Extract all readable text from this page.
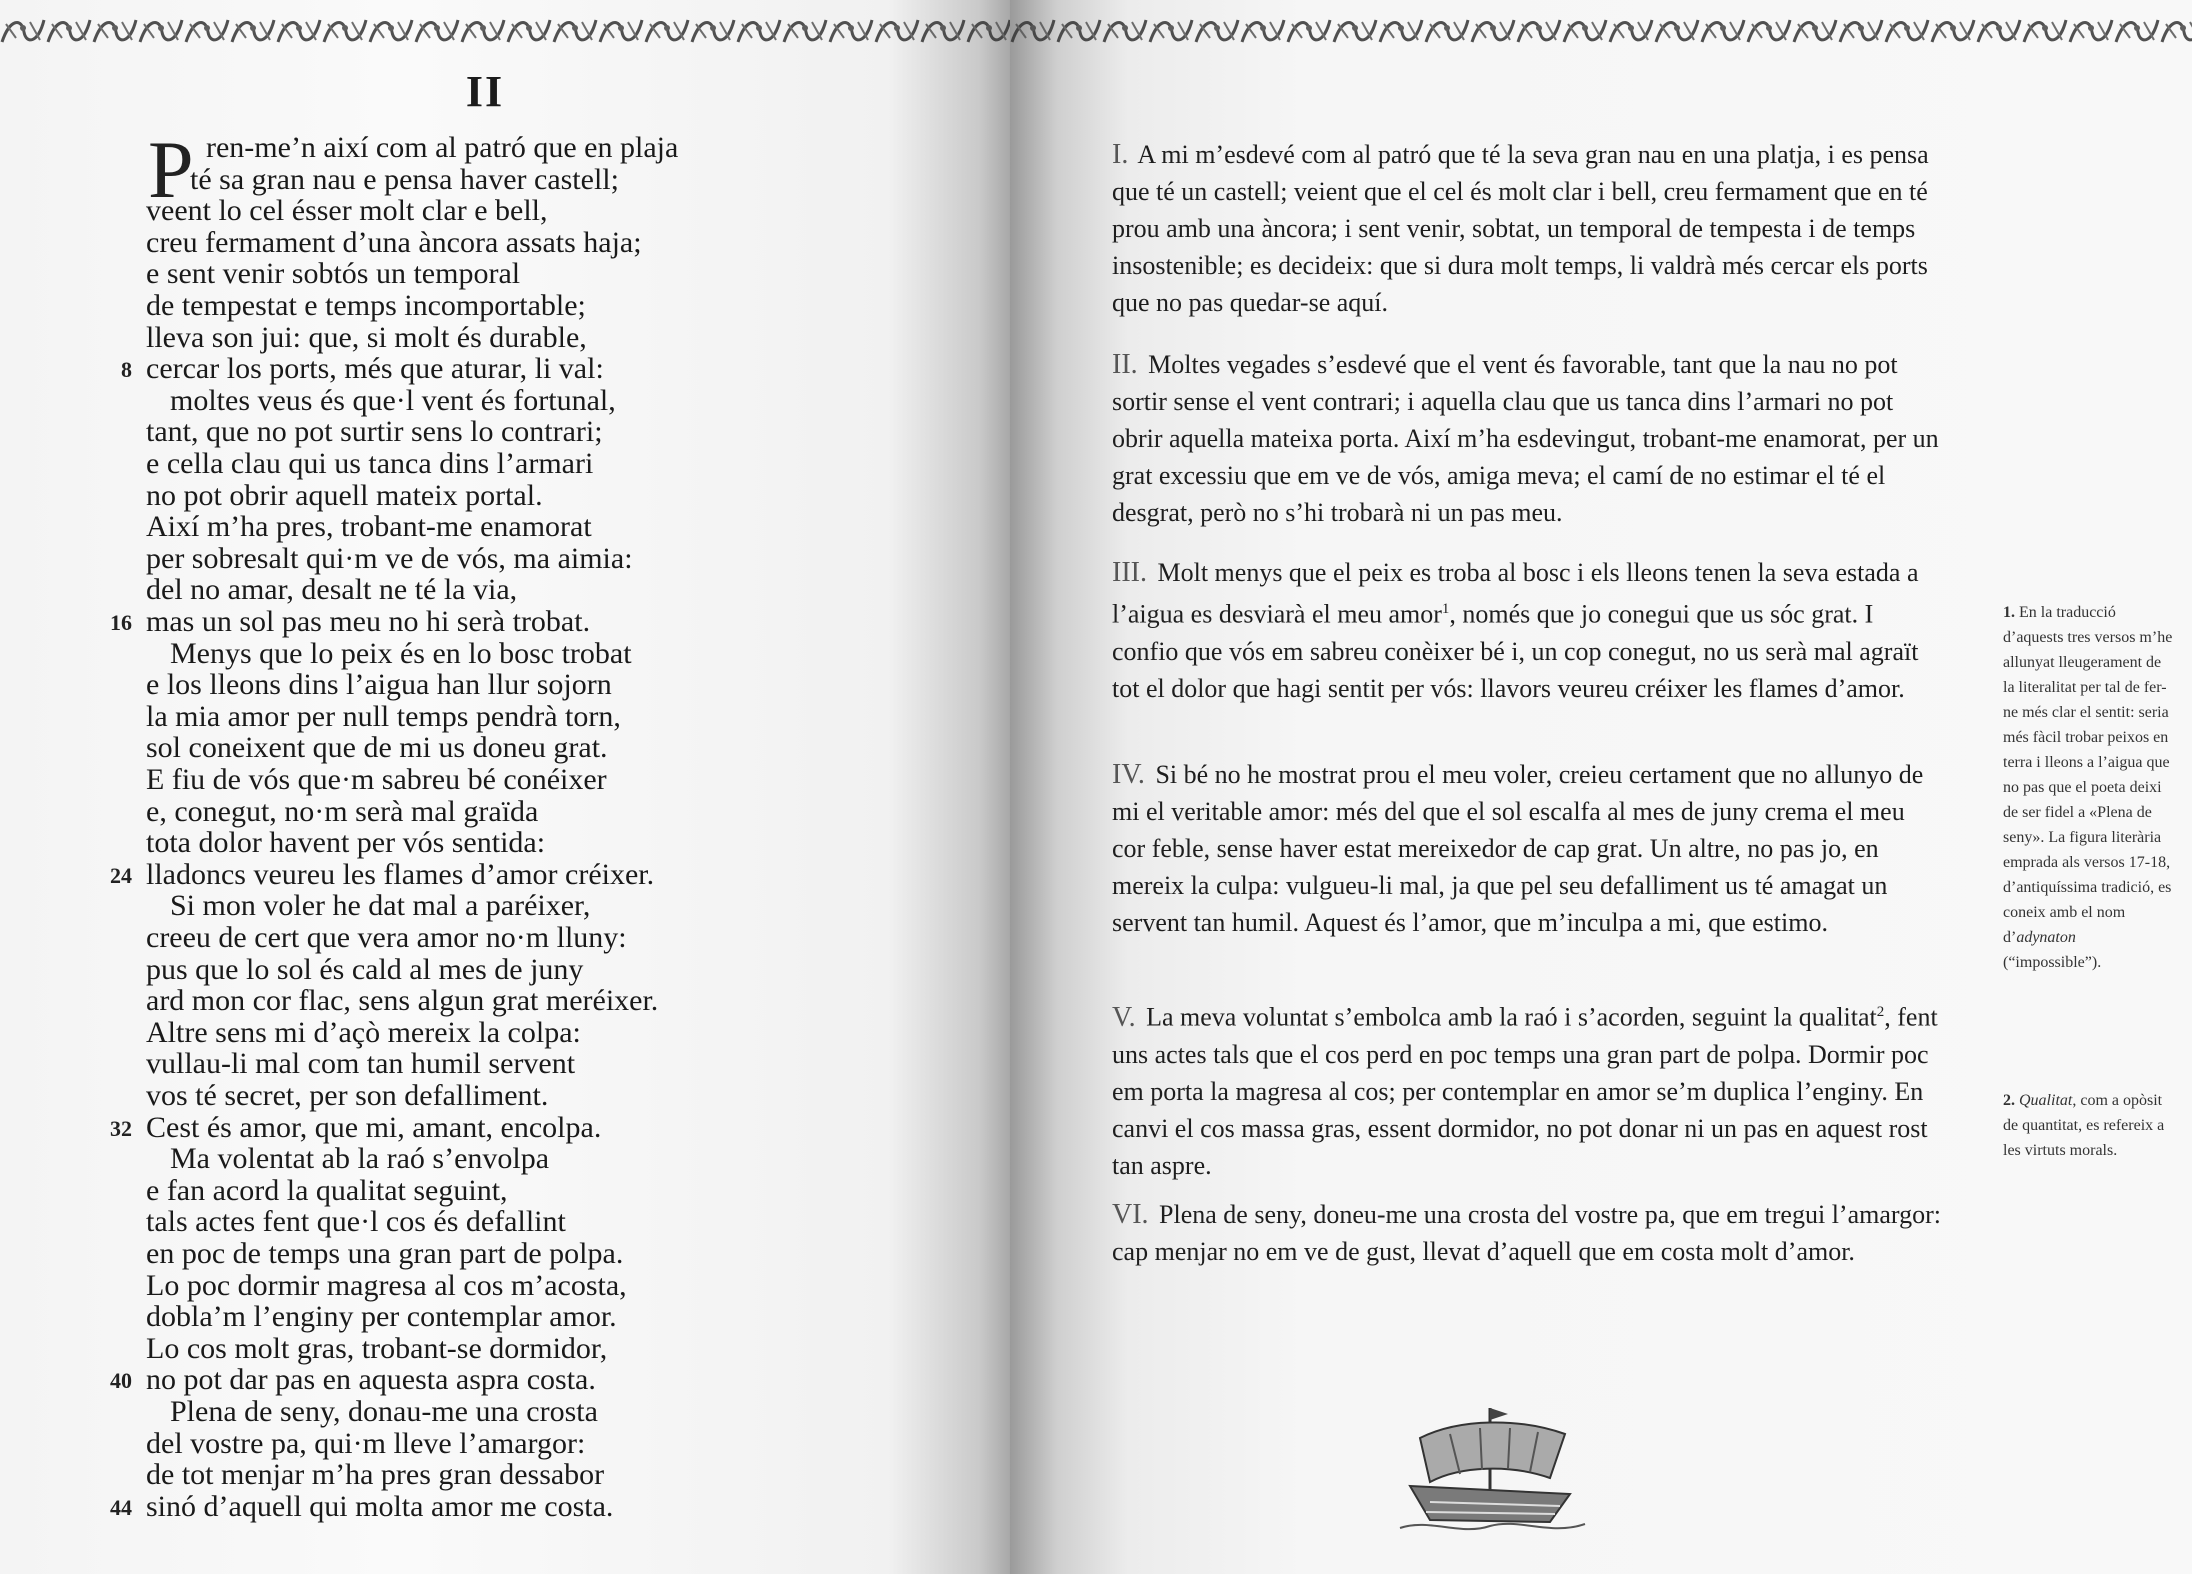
II
P ren-me’n així com al patró que en plaja
té sa gran nau e pensa haver castell;
veent lo cel ésser molt clar e bell,
creu fermament d’una àncora assats haja;
e sent venir sobtós un temporal
de tempestat e temps incomportable;
lleva son jui: que, si molt és durable,
cercar los ports, més que aturar, li val:
moltes veus és que·l vent és fortunal,
tant, que no pot surtir sens lo contrari;
e cella clau qui us tanca dins l’armari
no pot obrir aquell mateix portal.
Així m’ha pres, trobant-me enamorat
per sobresalt qui·m ve de vós, ma aimia:
del no amar, desalt ne té la via,
mas un sol pas meu no hi serà trobat.
Menys que lo peix és en lo bosc trobat
e los lleons dins l’aigua han llur sojorn
la mia amor per null temps pendrà torn,
sol coneixent que de mi us doneu grat.
E fiu de vós que·m sabreu bé conéixer
e, conegut, no·m serà mal graïda
tota dolor havent per vós sentida:
lladoncs veureu les flames d’amor créixer.
Si mon voler he dat mal a paréixer,
creeu de cert que vera amor no·m lluny:
pus que lo sol és cald al mes de juny
ard mon cor flac, sens algun grat meréixer.
Altre sens mi d’açò mereix la colpa:
vullau-li mal com tan humil servent
vos té secret, per son defalliment.
Cest és amor, que mi, amant, encolpa.
Ma volentat ab la raó s’envolpa
e fan acord la qualitat seguint,
tals actes fent que·l cos és defallint
en poc de temps una gran part de polpa.
Lo poc dormir magresa al cos m’acosta,
dobla’m l’enginy per contemplar amor.
Lo cos molt gras, trobant-se dormidor,
no pot dar pas en aquesta aspra costa.
Plena de seny, donau-me una crosta
del vostre pa, qui·m lleve l’amargor:
de tot menjar m’ha pres gran dessabor
sinó d’aquell qui molta amor me costa.
8
16
24
32
40
44
I. A mi m’esdevé com al patró que té la seva gran nau en una platja, i es pensa que té un castell; veient que el cel és molt clar i bell, creu fermament que en té prou amb una àncora; i sent venir, sobtat, un temporal de tempesta i de temps insostenible; es decideix: que si dura molt temps, li valdrà més cercar els ports que no pas quedar-se aquí.
II. Moltes vegades s’esdevé que el vent és favorable, tant que la nau no pot sortir sense el vent contrari; i aquella clau que us tanca dins l’armari no pot obrir aquella mateixa porta. Així m’ha esdevingut, trobant-me enamorat, per un grat excessiu que em ve de vós, amiga meva; el camí de no estimar el té el desgrat, però no s’hi trobarà ni un pas meu.
III. Molt menys que el peix es troba al bosc i els lleons tenen la seva estada a l’aigua es desviarà el meu amor$^1$, només que jo conegui que us sóc grat. I confio que vós em sabreu conèixer bé i, un cop conegut, no us serà mal agraït tot el dolor que hagi sentit per vós: llavors veureu créixer les flames d’amor.
IV. Si bé no he mostrat prou el meu voler, creieu certament que no allunyo de mi el veritable amor: més del que el sol escalfa al mes de juny crema el meu cor feble, sense haver estat mereixedor de cap grat. Un altre, no pas jo, en mereix la culpa: vulgueu-li mal, ja que pel seu defalliment us té amagat un servent tan humil. Aquest és l’amor, que m’inculpa a mi, que estimo.
V. La meva voluntat s’embolca amb la raó i s’acorden, seguint la qualitat$^2$, fent uns actes tals que el cos perd en poc temps una gran part de polpa. Dormir poc em porta la magresa al cos; per contemplar en amor se’m duplica l’enginy. En canvi el cos massa gras, essent dormidor, no pot donar ni un pas en aquest rost tan aspre.
VI. Plena de seny, doneu-me una crosta del vostre pa, que em tregui l’amargor: cap menjar no em ve de gust, llevat d’aquell que em costa molt d’amor.
1. En la traducció d’aquests tres versos m’he allunyat lleugerament de la literalitat per tal de fer-ne més clar el sentit: seria més fàcil trobar peixos en terra i lleons a l’aigua que no pas que el poeta deixi de ser fidel a «Plena de seny». La figura literària emprada als versos 17-18, d’antiquíssima tradició, es coneix amb el nom d’adynaton (“impossible”).
2. Qualitat, com a opòsit de quantitat, es refereix a les virtuts morals.
